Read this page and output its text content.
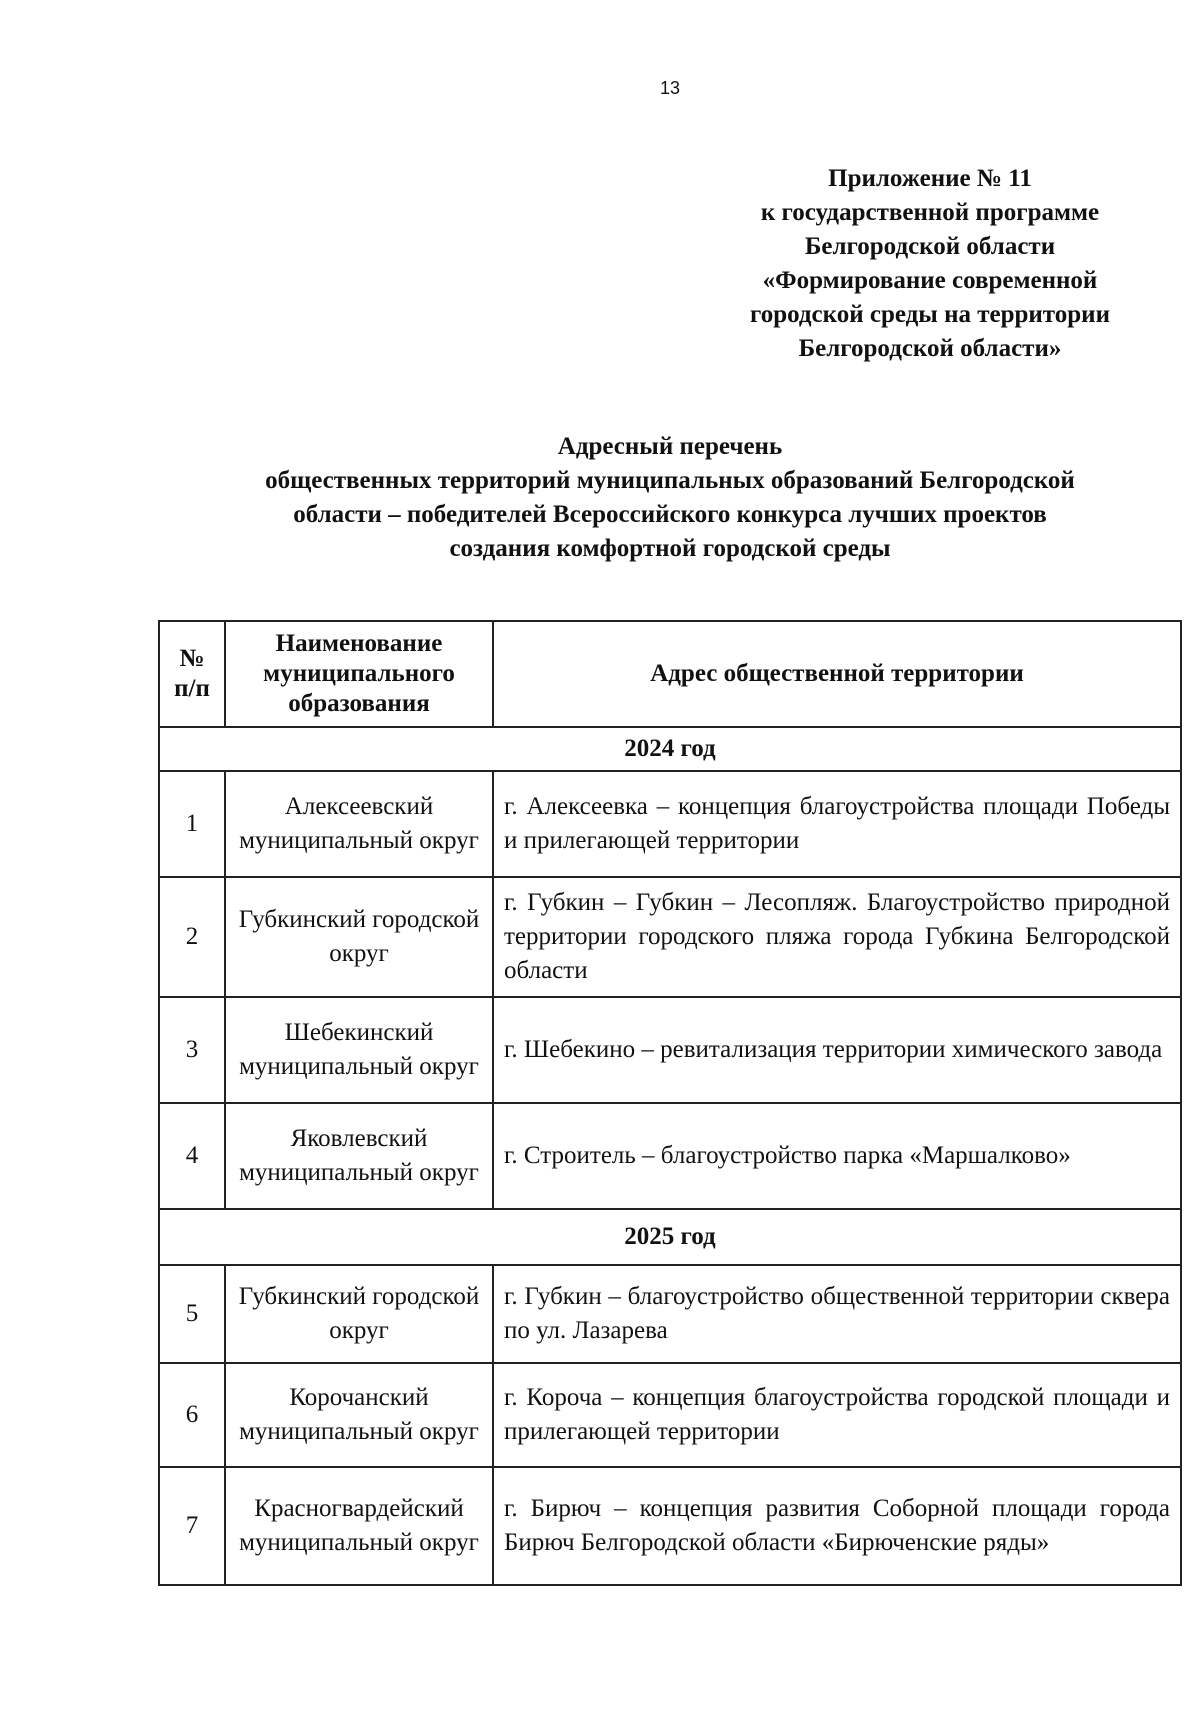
13
Приложение № 11
к государственной программе
Белгородской области
«Формирование современной
городской среды на территории
Белгородской области»
Адресный перечень
общественных территорий муниципальных образований Белгородской
области – победителей Всероссийского конкурса лучших проектов
создания комфортной городской среды
№ п/п	Наименование муниципального образования	Адрес общественной территории
2024 год		
1	Алексеевский муниципальный округ	г. Алексеевка – концепция благоустройства площади Победы и прилегающей территории
2	Губкинский городской округ	г. Губкин – Губкин – Лесопляж. Благоустройство природной территории городского пляжа города Губкина Белгородской области
3	Шебекинский муниципальный округ	г. Шебекино – ревитализация территории химического завода
4	Яковлевский муниципальный округ	г. Строитель – благоустройство парка «Маршалково»
2025 год		
5	Губкинский городской округ	г. Губкин – благоустройство общественной территории сквера по ул. Лазарева
6	Корочанский муниципальный округ	г. Короча – концепция благоустройства городской площади и прилегающей территории
7	Красногвардейский муниципальный округ	г. Бирюч – концепция развития Соборной площади города Бирюч Белгородской области «Бирюченские ряды»
